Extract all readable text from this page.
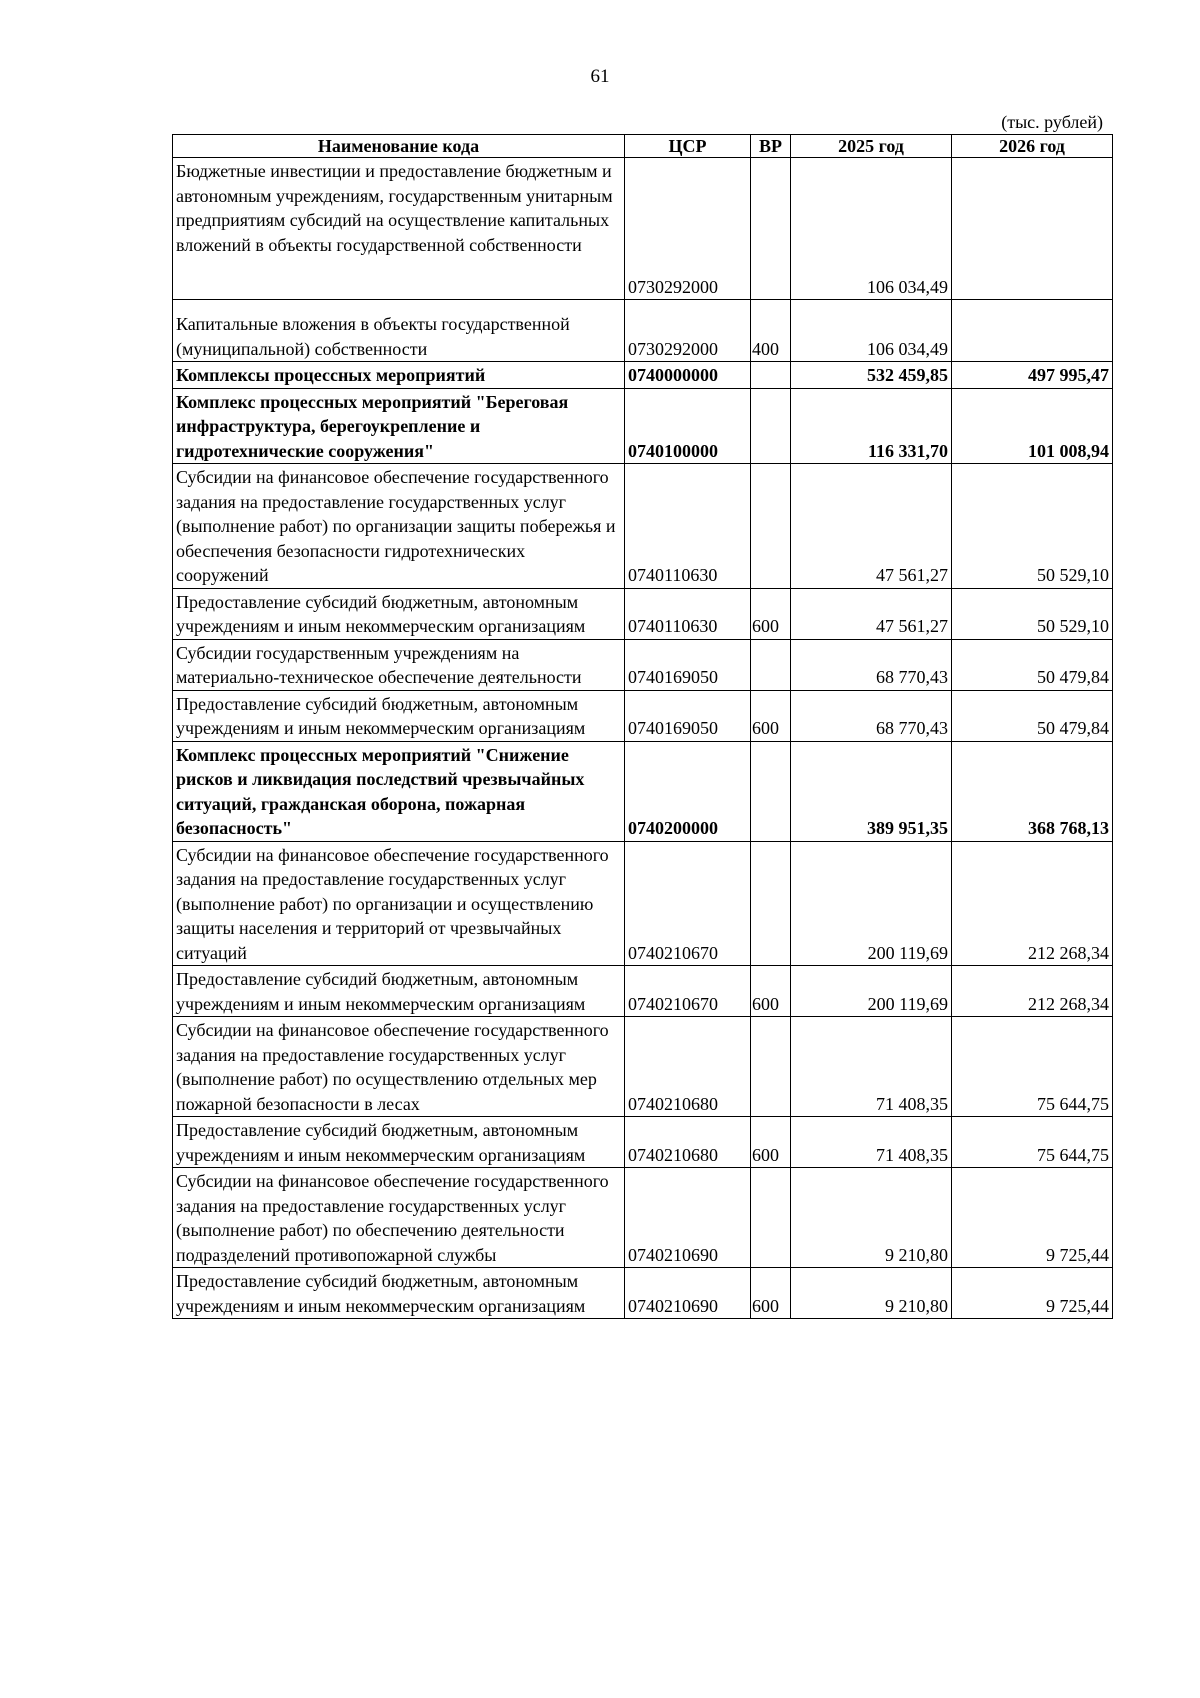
61
(тыс. рублей)
Наименование кода	ЦСР	ВР	2025 год	2026 год
Бюджетные инвестиции и предоставление бюджетным и автономным учреждениям, государственным унитарным предприятиям субсидий на осуществление капитальных вложений в объекты государственной собственности	0730292000		106 034,49	
Капитальные вложения в объекты государственной (муниципальной) собственности	0730292000	400	106 034,49	
Комплексы процессных мероприятий	0740000000		532 459,85	497 995,47
Комплекс процессных мероприятий "Береговая инфраструктура, берегоукрепление и гидротехнические сооружения"	0740100000		116 331,70	101 008,94
Субсидии на финансовое обеспечение государственного задания на предоставление государственных услуг (выполнение работ) по организации защиты побережья и обеспечения безопасности гидротехнических сооружений	0740110630		47 561,27	50 529,10
Предоставление субсидий бюджетным, автономным учреждениям и иным некоммерческим организациям	0740110630	600	47 561,27	50 529,10
Субсидии государственным учреждениям на материально-техническое обеспечение деятельности	0740169050		68 770,43	50 479,84
Предоставление субсидий бюджетным, автономным учреждениям и иным некоммерческим организациям	0740169050	600	68 770,43	50 479,84
Комплекс процессных мероприятий "Снижение рисков и ликвидация последствий чрезвычайных ситуаций, гражданская оборона, пожарная безопасность"	0740200000		389 951,35	368 768,13
Субсидии на финансовое обеспечение государственного задания на предоставление государственных услуг (выполнение работ) по организации и осуществлению защиты населения и территорий от чрезвычайных ситуаций	0740210670		200 119,69	212 268,34
Предоставление субсидий бюджетным, автономным учреждениям и иным некоммерческим организациям	0740210670	600	200 119,69	212 268,34
Субсидии на финансовое обеспечение государственного задания на предоставление государственных услуг (выполнение работ) по осуществлению отдельных мер пожарной безопасности в лесах	0740210680		71 408,35	75 644,75
Предоставление субсидий бюджетным, автономным учреждениям и иным некоммерческим организациям	0740210680	600	71 408,35	75 644,75
Субсидии на финансовое обеспечение государственного задания на предоставление государственных услуг (выполнение работ) по обеспечению деятельности подразделений противопожарной службы	0740210690		9 210,80	9 725,44
Предоставление субсидий бюджетным, автономным учреждениям и иным некоммерческим организациям	0740210690	600	9 210,80	9 725,44
